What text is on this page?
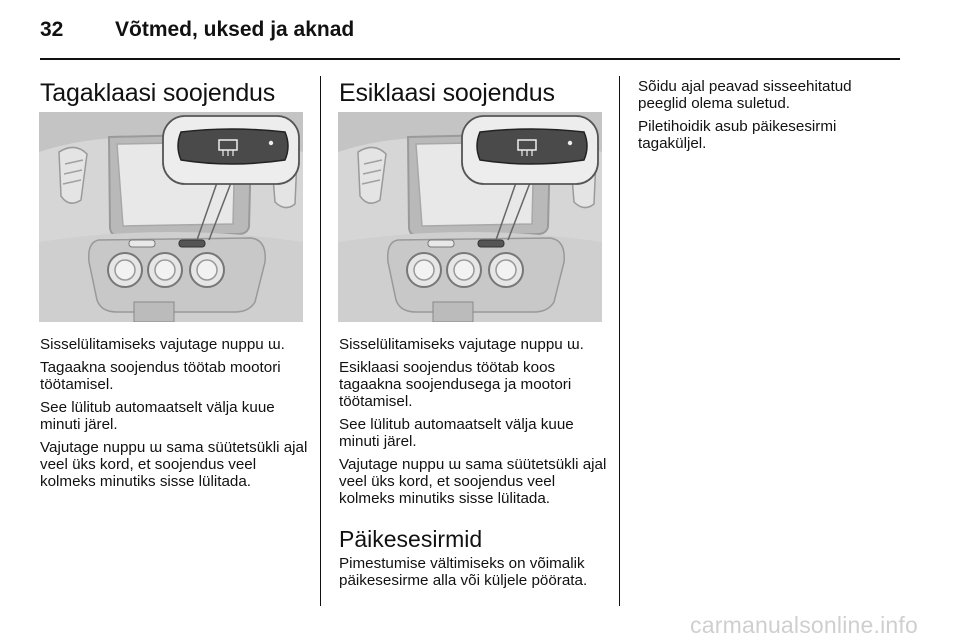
32 Võtmed, uksed ja aknad
Tagaklaasi soojendus

Sisselülitamiseks vajutage nuppu ɯ.

Tagaakna soojendus töötab mootori töötamisel.

See lülitub automaatselt välja kuue minuti järel.

Vajutage nuppu ɯ sama süütetsükli ajal veel üks kord, et soojendus veel kolmeks minutiks sisse lülitada.

Esiklaasi soojendus

Sisselülitamiseks vajutage nuppu ɯ.

Esiklaasi soojendus töötab koos tagaakna soojendusega ja mootori töötamisel.

See lülitub automaatselt välja kuue minuti järel.

Vajutage nuppu ɯ sama süütetsükli ajal veel üks kord, et soojendus veel kolmeks minutiks sisse lülitada.

Päikesesirmid

Pimestumise vältimiseks on võimalik päikesesirme alla või küljele pöörata.

Sõidu ajal peavad sisseehitatud peeglid olema suletud.

Piletihoidik asub päikesesirmi tagaküljel.

carmanualsonline.info
